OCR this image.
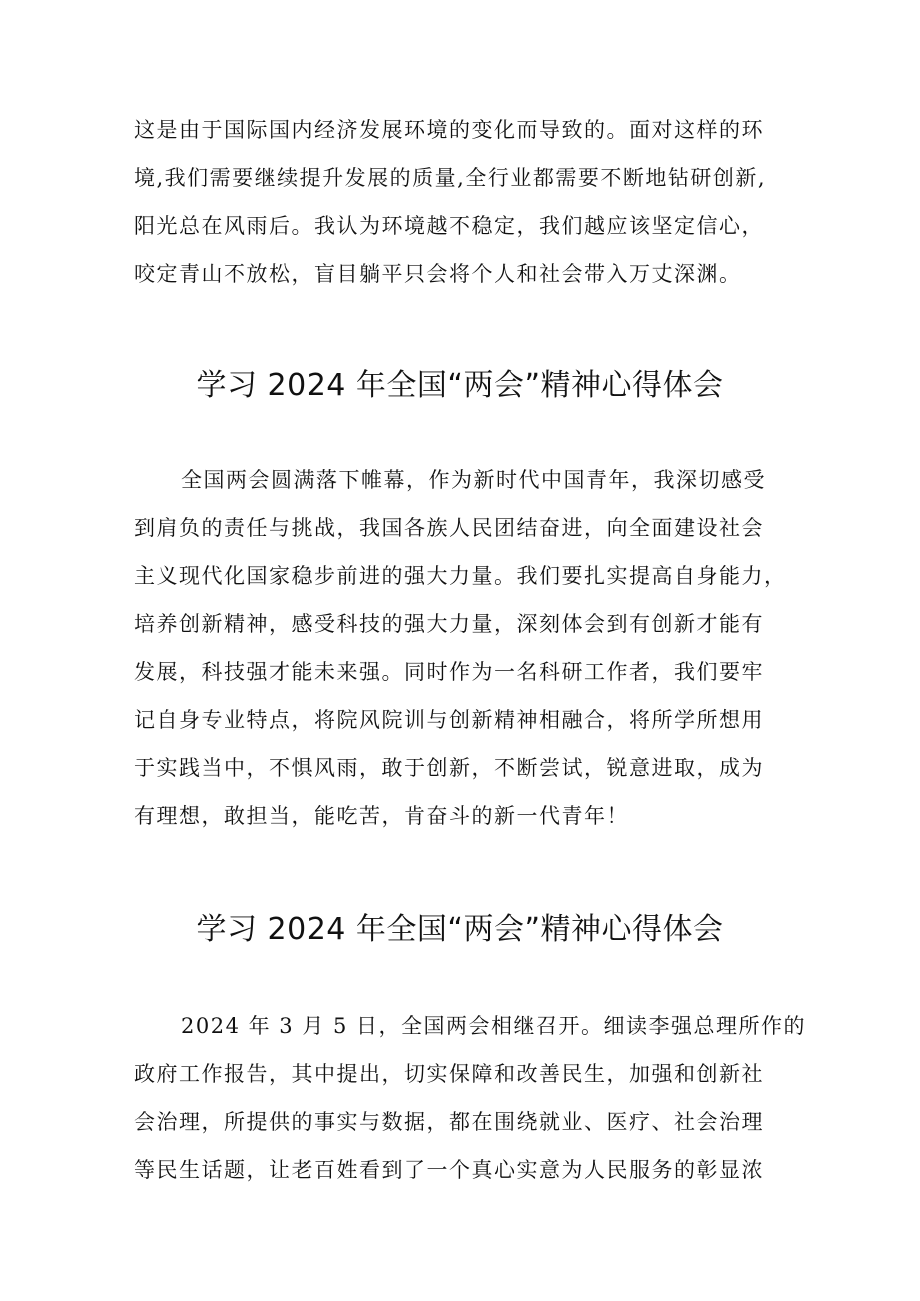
这是由于国际国内经济发展环境的变化而导致的。面对这样的环
境,我们需要继续提升发展的质量,全行业都需要不断地钻研创新,
阳光总在风雨后。我认为环境越不稳定，我们越应该坚定信心，
咬定青山不放松，盲目躺平只会将个人和社会带入万丈深渊。
学习 2024 年全国“两会”精神心得体会
全国两会圆满落下帷幕，作为新时代中国青年，我深切感受
到肩负的责任与挑战，我国各族人民团结奋进，向全面建设社会
主义现代化国家稳步前进的强大力量。我们要扎实提高自身能力，
培养创新精神，感受科技的强大力量，深刻体会到有创新才能有
发展，科技强才能未来强。同时作为一名科研工作者，我们要牢
记自身专业特点，将院风院训与创新精神相融合，将所学所想用
于实践当中，不惧风雨，敢于创新，不断尝试，锐意进取，成为
有理想，敢担当，能吃苦，肯奋斗的新一代青年！
学习 2024 年全国“两会”精神心得体会
2024 年 3 月 5 日，全国两会相继召开。细读李强总理所作的
政府工作报告，其中提出，切实保障和改善民生，加强和创新社
会治理，所提供的事实与数据，都在围绕就业、医疗、社会治理
等民生话题，让老百姓看到了一个真心实意为人民服务的彰显浓
